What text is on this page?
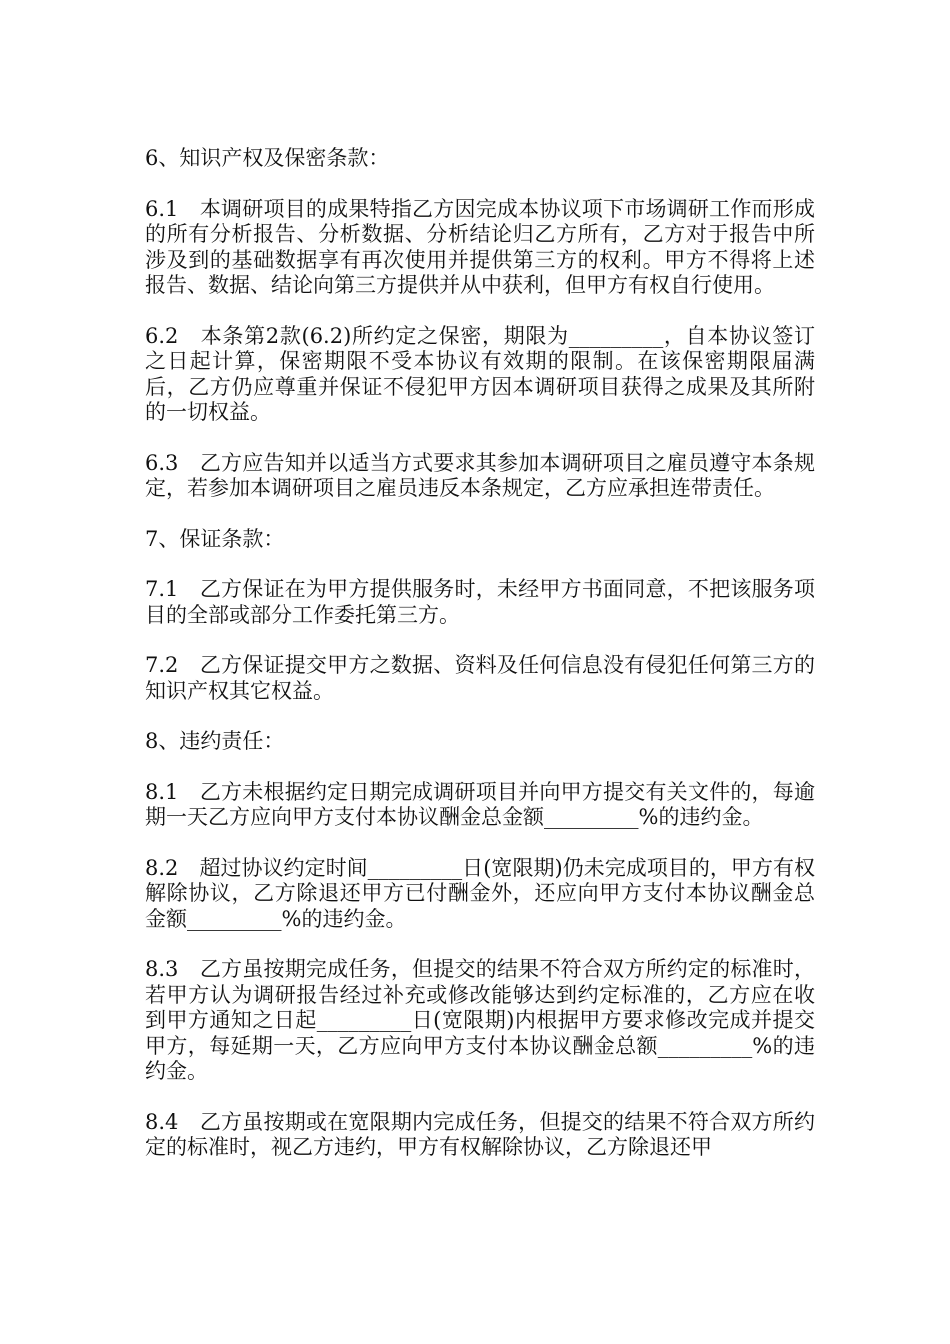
6、知识产权及保密条款：

6.1　本调研项目的成果特指乙方因完成本协议项下市场调研工作而形成的所有分析报告、分析数据、分析结论归乙方所有，乙方对于报告中所涉及到的基础数据享有再次使用并提供第三方的权利。甲方不得将上述报告、数据、结论向第三方提供并从中获利，但甲方有权自行使用。

6.2　本条第2款(6.2)所约定之保密，期限为_________，自本协议签订之日起计算，保密期限不受本协议有效期的限制。在该保密期限届满后，乙方仍应尊重并保证不侵犯甲方因本调研项目获得之成果及其所附的一切权益。

6.3　乙方应告知并以适当方式要求其参加本调研项目之雇员遵守本条规定，若参加本调研项目之雇员违反本条规定，乙方应承担连带责任。

7、保证条款：

7.1　乙方保证在为甲方提供服务时，未经甲方书面同意，不把该服务项目的全部或部分工作委托第三方。

7.2　乙方保证提交甲方之数据、资料及任何信息没有侵犯任何第三方的知识产权其它权益。

8、违约责任：

8.1　乙方未根据约定日期完成调研项目并向甲方提交有关文件的，每逾期一天乙方应向甲方支付本协议酬金总金额_________%的违约金。

8.2　超过协议约定时间_________日(宽限期)仍未完成项目的，甲方有权解除协议，乙方除退还甲方已付酬金外，还应向甲方支付本协议酬金总金额_________%的违约金。

8.3　乙方虽按期完成任务，但提交的结果不符合双方所约定的标准时，若甲方认为调研报告经过补充或修改能够达到约定标准的，乙方应在收到甲方通知之日起_________日(宽限期)内根据甲方要求修改完成并提交甲方，每延期一天，乙方应向甲方支付本协议酬金总额_________%的违约金。

8.4　乙方虽按期或在宽限期内完成任务，但提交的结果不符合双方所约定的标准时，视乙方违约，甲方有权解除协议，乙方除退还甲
